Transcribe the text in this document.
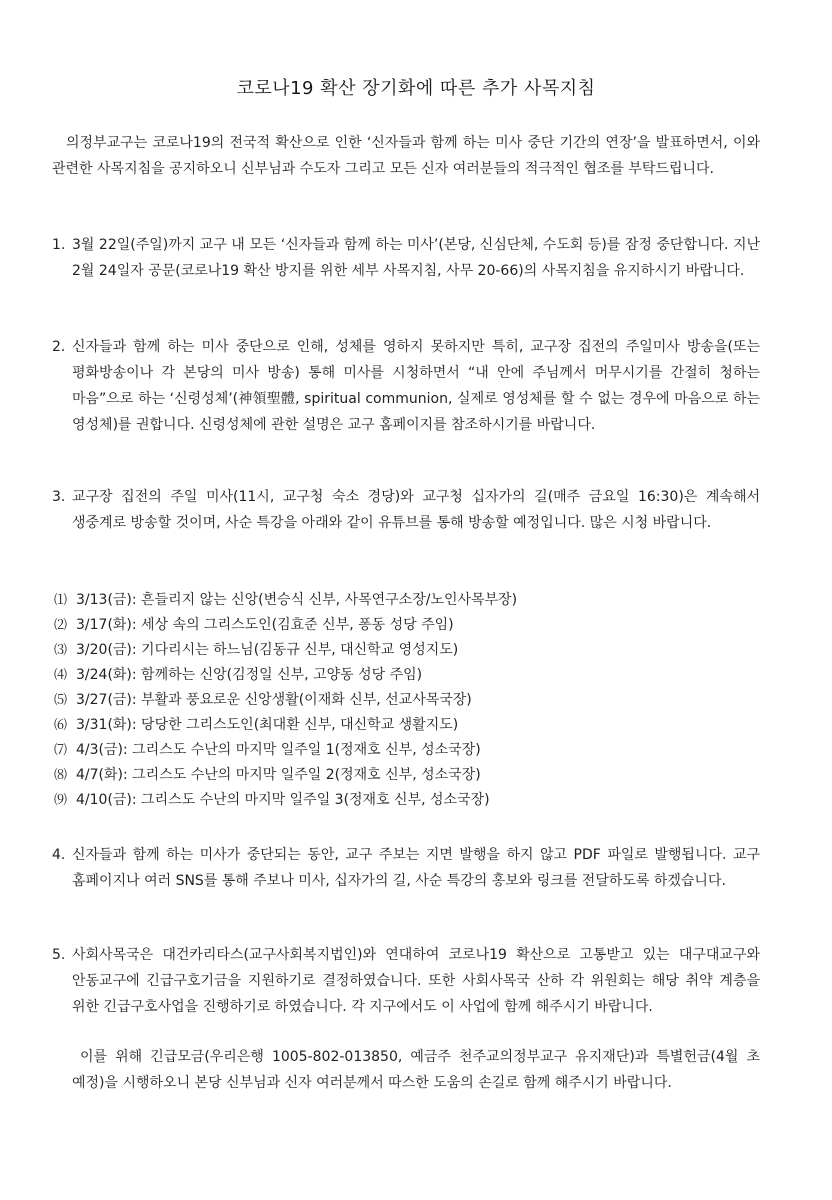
코로나19 확산 장기화에 따른 추가 사목지침
의정부교구는 코로나19의 전국적 확산으로 인한 ‘신자들과 함께 하는 미사 중단 기간의 연장’을 발표하면서, 이와 관련한 사목지침을 공지하오니 신부님과 수도자 그리고 모든 신자 여러분들의 적극적인 협조를 부탁드립니다.
1. 3월 22일(주일)까지 교구 내 모든 ‘신자들과 함께 하는 미사’(본당, 신심단체, 수도회 등)를 잠정 중단합니다. 지난 2월 24일자 공문(코로나19 확산 방지를 위한 세부 사목지침, 사무 20-66)의 사목지침을 유지하시기 바랍니다.
2. 신자들과 함께 하는 미사 중단으로 인해, 성체를 영하지 못하지만 특히, 교구장 집전의 주일미사 방송을(또는 평화방송이나 각 본당의 미사 방송) 통해 미사를 시청하면서 “내 안에 주님께서 머무시기를 간절히 청하는 마음”으로 하는 ‘신령성체’(神領聖體, spiritual communion, 실제로 영성체를 할 수 없는 경우에 마음으로 하는 영성체)를 권합니다. 신령성체에 관한 설명은 교구 홈페이지를 참조하시기를 바랍니다.
3. 교구장 집전의 주일 미사(11시, 교구청 숙소 경당)와 교구청 십자가의 길(매주 금요일 16:30)은 계속해서 생중계로 방송할 것이며, 사순 특강을 아래와 같이 유튜브를 통해 방송할 예정입니다. 많은 시청 바랍니다.
⑴ 3/13(금): 흔들리지 않는 신앙(변승식 신부, 사목연구소장/노인사목부장)
⑵ 3/17(화): 세상 속의 그리스도인(김효준 신부, 퐁동 성당 주임)
⑶ 3/20(금): 기다리시는 하느님(김동규 신부, 대신학교 영성지도)
⑷ 3/24(화): 함께하는 신앙(김정일 신부, 고양동 성당 주임)
⑸ 3/27(금): 부활과 풍요로운 신앙생활(이재화 신부, 선교사목국장)
⑹ 3/31(화): 당당한 그리스도인(최대환 신부, 대신학교 생활지도)
⑺ 4/3(금): 그리스도 수난의 마지막 일주일 1(정재호 신부, 성소국장)
⑻ 4/7(화): 그리스도 수난의 마지막 일주일 2(정재호 신부, 성소국장)
⑼ 4/10(금): 그리스도 수난의 마지막 일주일 3(정재호 신부, 성소국장)
4. 신자들과 함께 하는 미사가 중단되는 동안, 교구 주보는 지면 발행을 하지 않고 PDF 파일로 발행됩니다. 교구 홈페이지나 여러 SNS를 통해 주보나 미사, 십자가의 길, 사순 특강의 홍보와 링크를 전달하도록 하겠습니다.
5. 사회사목국은 대건카리타스(교구사회복지법인)와 연대하여 코로나19 확산으로 고통받고 있는 대구대교구와 안동교구에 긴급구호기금을 지원하기로 결정하였습니다. 또한 사회사목국 산하 각 위원회는 해당 취약 계층을 위한 긴급구호사업을 진행하기로 하였습니다. 각 지구에서도 이 사업에 함께 해주시기 바랍니다.
이를 위해 긴급모금(우리은행 1005-802-013850, 예금주 천주교의정부교구 유지재단)과 특별헌금(4월 초 예정)을 시행하오니 본당 신부님과 신자 여러분께서 따스한 도움의 손길로 함께 해주시기 바랍니다.
